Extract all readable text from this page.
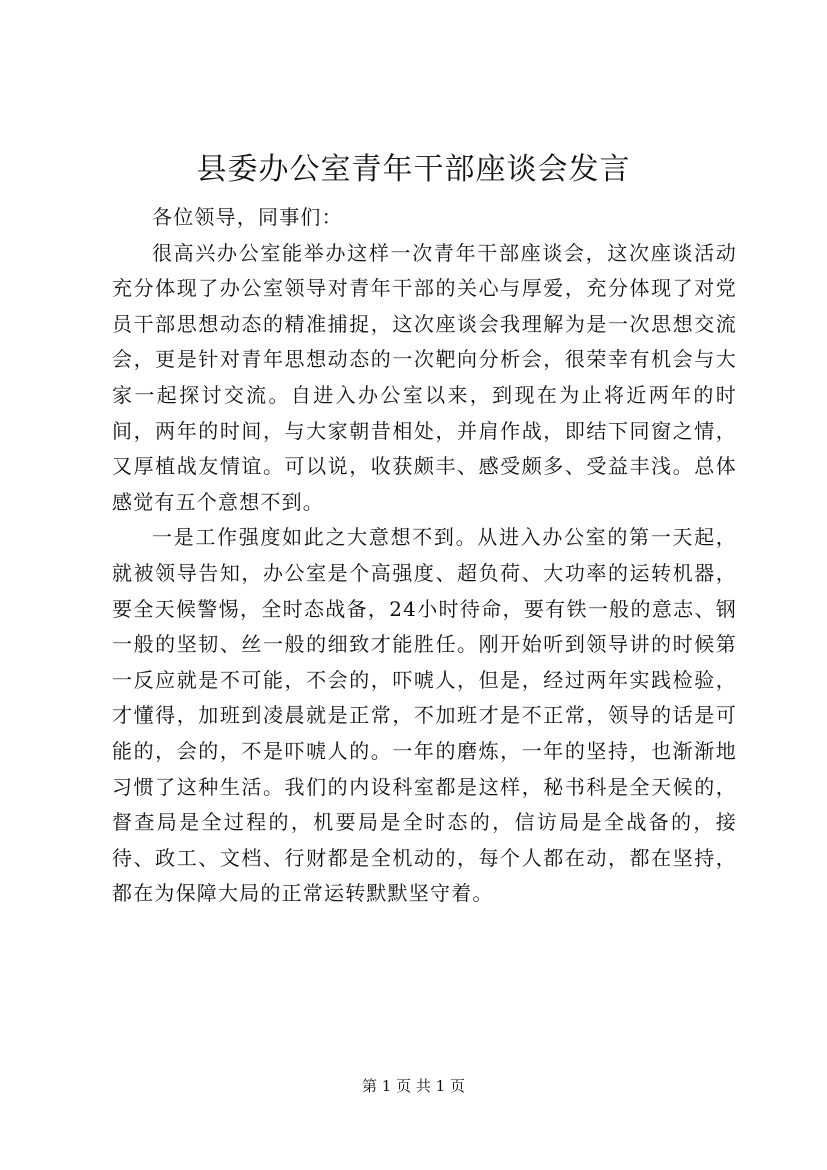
县委办公室青年干部座谈会发言

各位领导，同事们：

很高兴办公室能举办这样一次青年干部座谈会，这次座谈活动充分体现了办公室领导对青年干部的关心与厚爱，充分体现了对党员干部思想动态的精准捕捉，这次座谈会我理解为是一次思想交流会，更是针对青年思想动态的一次靶向分析会，很荣幸有机会与大家一起探讨交流。自进入办公室以来，到现在为止将近两年的时间，两年的时间，与大家朝昔相处，并肩作战，即结下同窗之情，又厚植战友情谊。可以说，收获颇丰、感受颇多、受益丰浅。总体感觉有五个意想不到。

一是工作强度如此之大意想不到。从进入办公室的第一天起，就被领导告知，办公室是个高强度、超负荷、大功率的运转机器，要全天候警惕，全时态战备，24小时待命，要有铁一般的意志、钢一般的坚韧、丝一般的细致才能胜任。刚开始听到领导讲的时候第一反应就是不可能，不会的，吓唬人，但是，经过两年实践检验，才懂得，加班到凌晨就是正常，不加班才是不正常，领导的话是可能的，会的，不是吓唬人的。一年的磨炼，一年的坚持，也渐渐地习惯了这种生活。我们的内设科室都是这样，秘书科是全天候的，督查局是全过程的，机要局是全时态的，信访局是全战备的，接待、政工、文档、行财都是全机动的，每个人都在动，都在坚持，都在为保障大局的正常运转默默坚守着。

第 1 页 共 1 页
